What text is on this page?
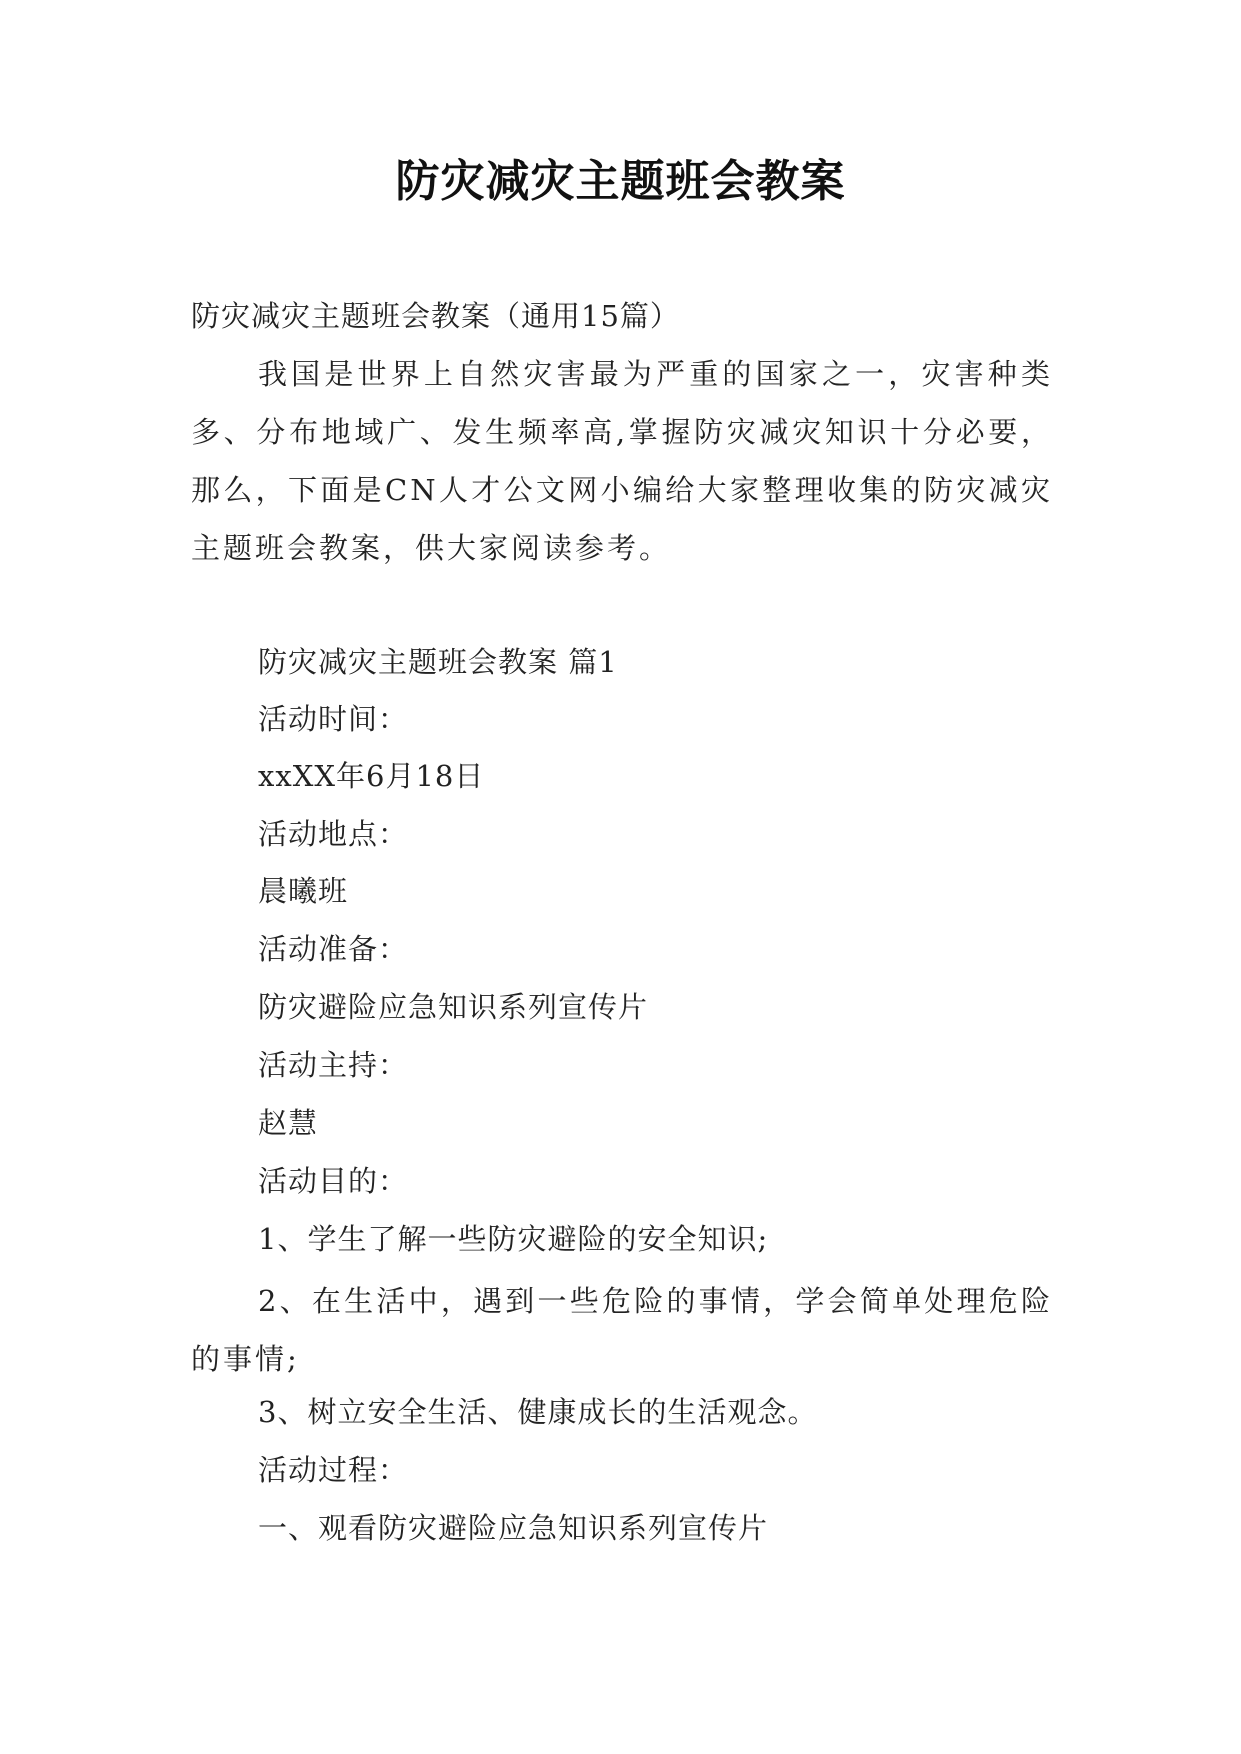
防灾减灾主题班会教案
防灾减灾主题班会教案（通用15篇）
我国是世界上自然灾害最为严重的国家之一，灾害种类多、分布地域广、发生频率高,掌握防灾减灾知识十分必要，那么，下面是CN人才公文网小编给大家整理收集的防灾减灾主题班会教案，供大家阅读参考。
防灾减灾主题班会教案 篇1
活动时间：
xxXX年6月18日
活动地点：
晨曦班
活动准备：
防灾避险应急知识系列宣传片
活动主持：
赵慧
活动目的：
1、学生了解一些防灾避险的安全知识;
2、在生活中，遇到一些危险的事情，学会简单处理危险的事情;
3、树立安全生活、健康成长的生活观念。
活动过程：
一、观看防灾避险应急知识系列宣传片
